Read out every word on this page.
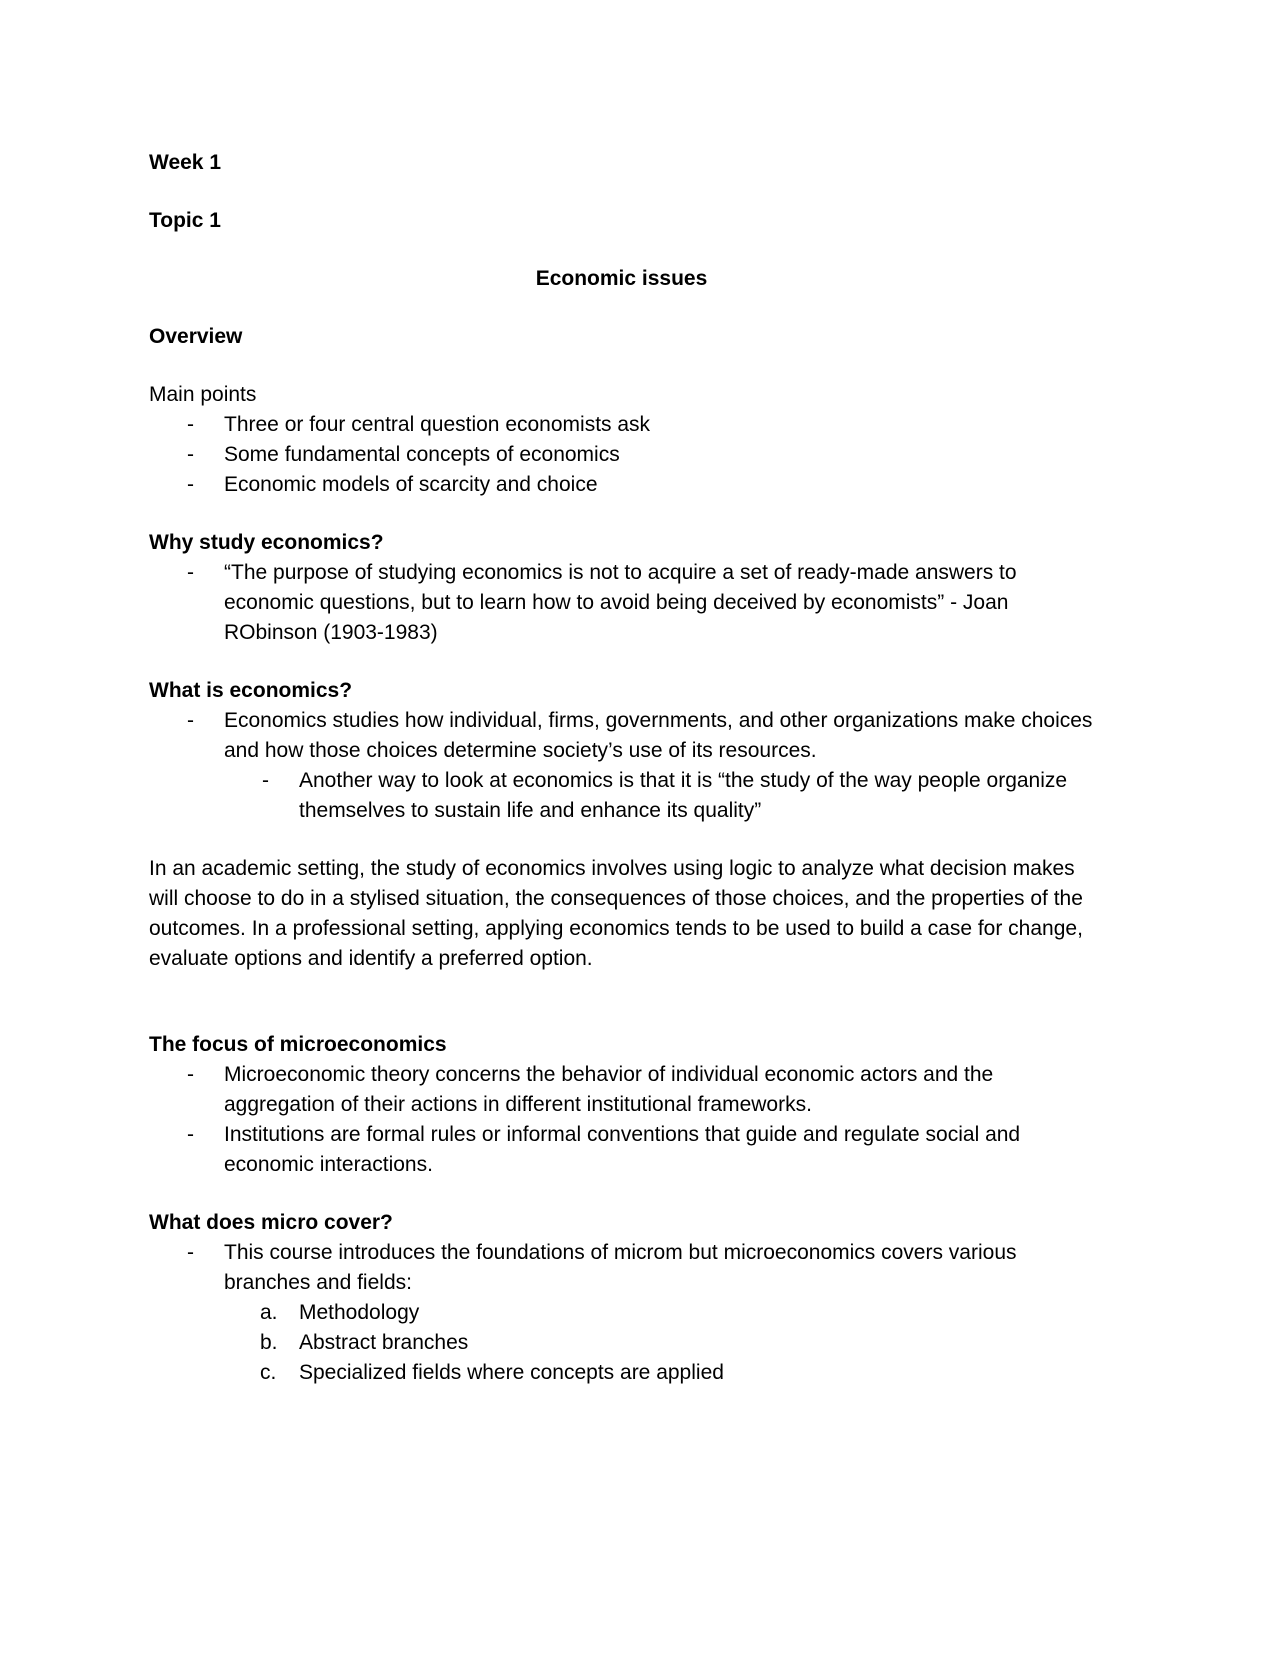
Week 1

Topic 1

Economic issues

Overview

Main points

- Three or four central question economists ask
- Some fundamental concepts of economics
- Economic models of scarcity and choice

Why study economics?

- “The purpose of studying economics is not to acquire a set of ready-made answers to economic questions, but to learn how to avoid being deceived by economists” - Joan RObinson (1903-1983)

What is economics?

- Economics studies how individual, firms, governments, and other organizations make choices and how those choices determine society’s use of its resources.
- Another way to look at economics is that it is “the study of the way people organize themselves to sustain life and enhance its quality”

In an academic setting, the study of economics involves using logic to analyze what decision makes will choose to do in a stylised situation, the consequences of those choices, and the properties of the outcomes. In a professional setting, applying economics tends to be used to build a case for change, evaluate options and identify a preferred option.

The focus of microeconomics

- Microeconomic theory concerns the behavior of individual economic actors and the aggregation of their actions in different institutional frameworks.
- Institutions are formal rules or informal conventions that guide and regulate social and economic interactions.

What does micro cover?

- This course introduces the foundations of microm but microeconomics covers various branches and fields:
a. Methodology
b. Abstract branches
c. Specialized fields where concepts are applied
